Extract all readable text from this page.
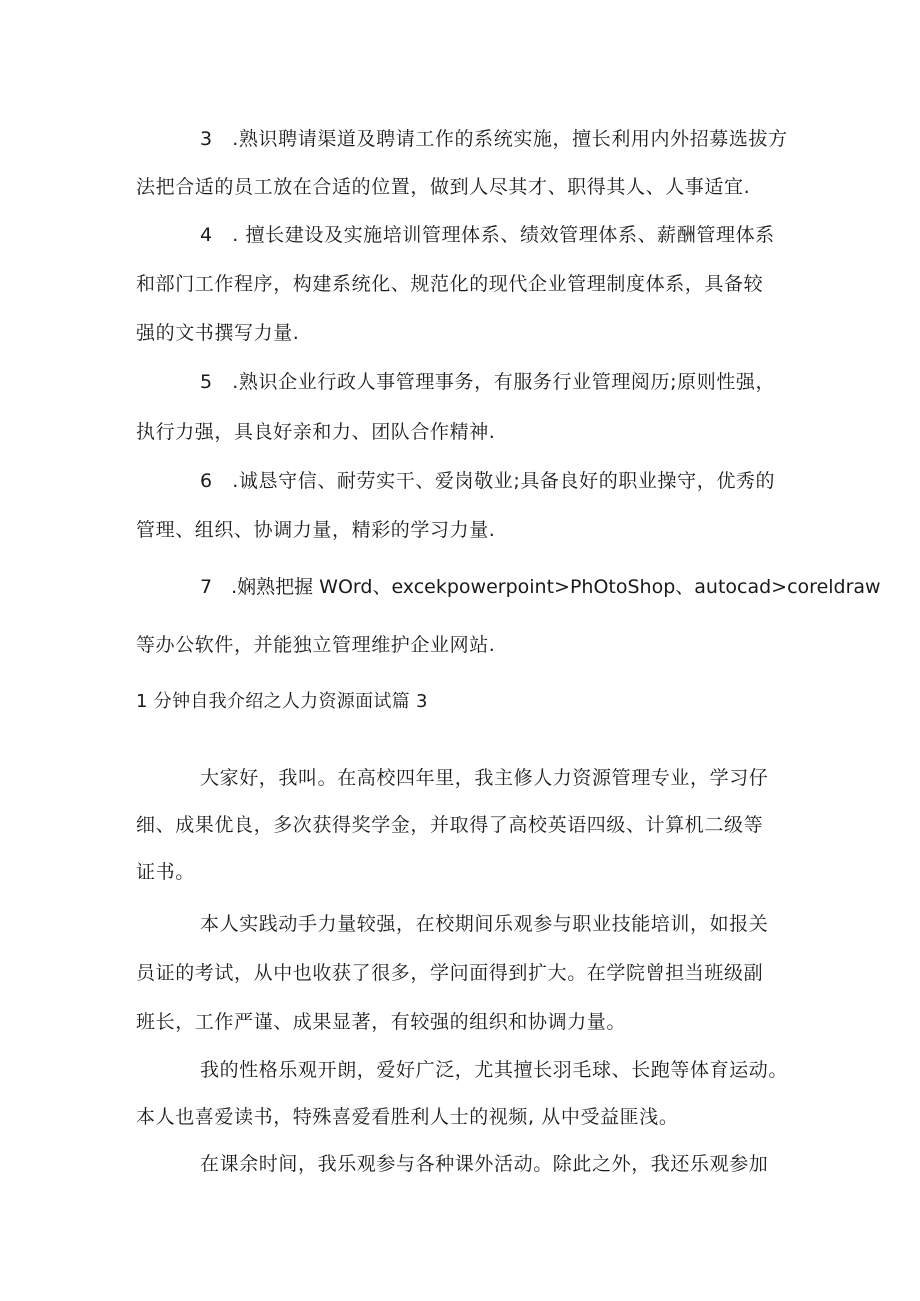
3　.熟识聘请渠道及聘请工作的系统实施，擅长利用内外招募选拔方
法把合适的员工放在合适的位置，做到人尽其才、职得其人、人事适宜.
4　. 擅长建设及实施培训管理体系、绩效管理体系、薪酬管理体系
和部门工作程序，构建系统化、规范化的现代企业管理制度体系，具备较
强的文书撰写力量.
5　.熟识企业行政人事管理事务，有服务行业管理阅历;原则性强，
执行力强，具良好亲和力、团队合作精神.
6　.诚恳守信、耐劳实干、爱岗敬业;具备良好的职业操守，优秀的
管理、组织、协调力量，精彩的学习力量.
7　.娴熟把握 WOrd、excekpowerpoint>PhOtoShop、autocad>coreldraw
等办公软件，并能独立管理维护企业网站.
1 分钟自我介绍之人力资源面试篇 3
大家好，我叫。在高校四年里，我主修人力资源管理专业，学习仔
细、成果优良，多次获得奖学金，并取得了高校英语四级、计算机二级等
证书。
本人实践动手力量较强，在校期间乐观参与职业技能培训，如报关
员证的考试，从中也收获了很多，学问面得到扩大。在学院曾担当班级副
班长，工作严谨、成果显著，有较强的组织和协调力量。
我的性格乐观开朗，爱好广泛，尤其擅长羽毛球、长跑等体育运动。
本人也喜爱读书，特殊喜爱看胜利人士的视频, 从中受益匪浅。
在课余时间，我乐观参与各种课外活动。除此之外，我还乐观参加
